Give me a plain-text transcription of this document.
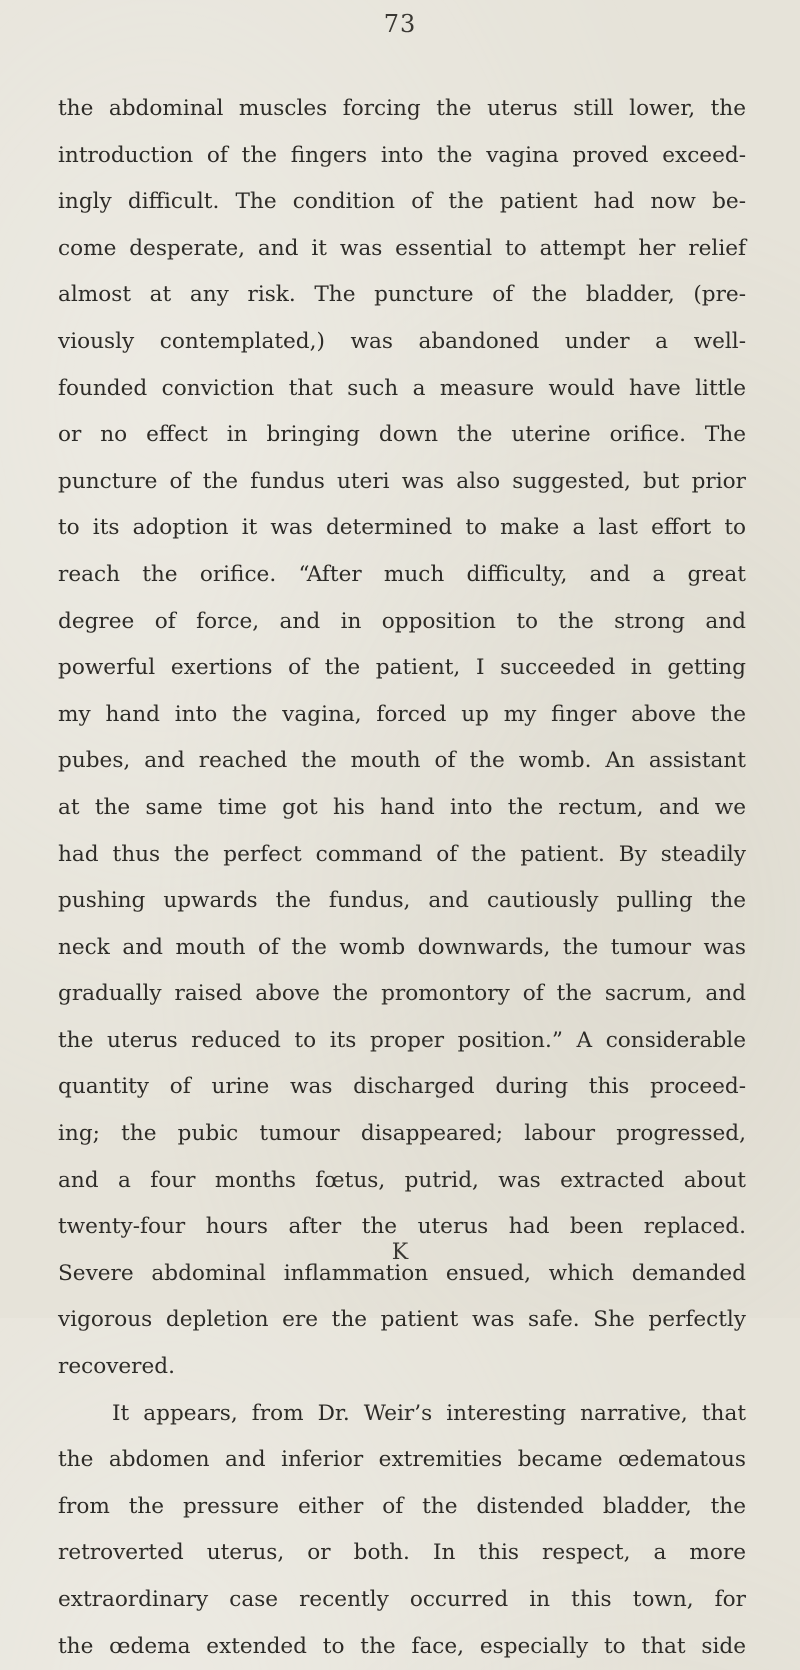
73
the abdominal muscles forcing the uterus still lower, the
introduction of the fingers into the vagina proved exceed-
ingly difficult. The condition of the patient had now be-
come desperate, and it was essential to attempt her relief
almost at any risk. The puncture of the bladder, (pre-
viously contemplated,) was abandoned under a well-
founded conviction that such a measure would have little
or no effect in bringing down the uterine orifice. The
puncture of the fundus uteri was also suggested, but prior
to its adoption it was determined to make a last effort to
reach the orifice. “After much difficulty, and a great
degree of force, and in opposition to the strong and
powerful exertions of the patient, I succeeded in getting
my hand into the vagina, forced up my finger above the
pubes, and reached the mouth of the womb. An assistant
at the same time got his hand into the rectum, and we
had thus the perfect command of the patient. By steadily
pushing upwards the fundus, and cautiously pulling the
neck and mouth of the womb downwards, the tumour was
gradually raised above the promontory of the sacrum, and
the uterus reduced to its proper position.” A considerable
quantity of urine was discharged during this proceed-
ing; the pubic tumour disappeared; labour progressed,
and a four months fœtus, putrid, was extracted about
twenty-four hours after the uterus had been replaced.
Severe abdominal inflammation ensued, which demanded
vigorous depletion ere the patient was safe. She perfectly
recovered.
It appears, from Dr. Weir’s interesting narrative, that
the abdomen and inferior extremities became œdematous
from the pressure either of the distended bladder, the
retroverted uterus, or both. In this respect, a more
extraordinary case recently occurred in this town, for
the œdema extended to the face, especially to that side
K
